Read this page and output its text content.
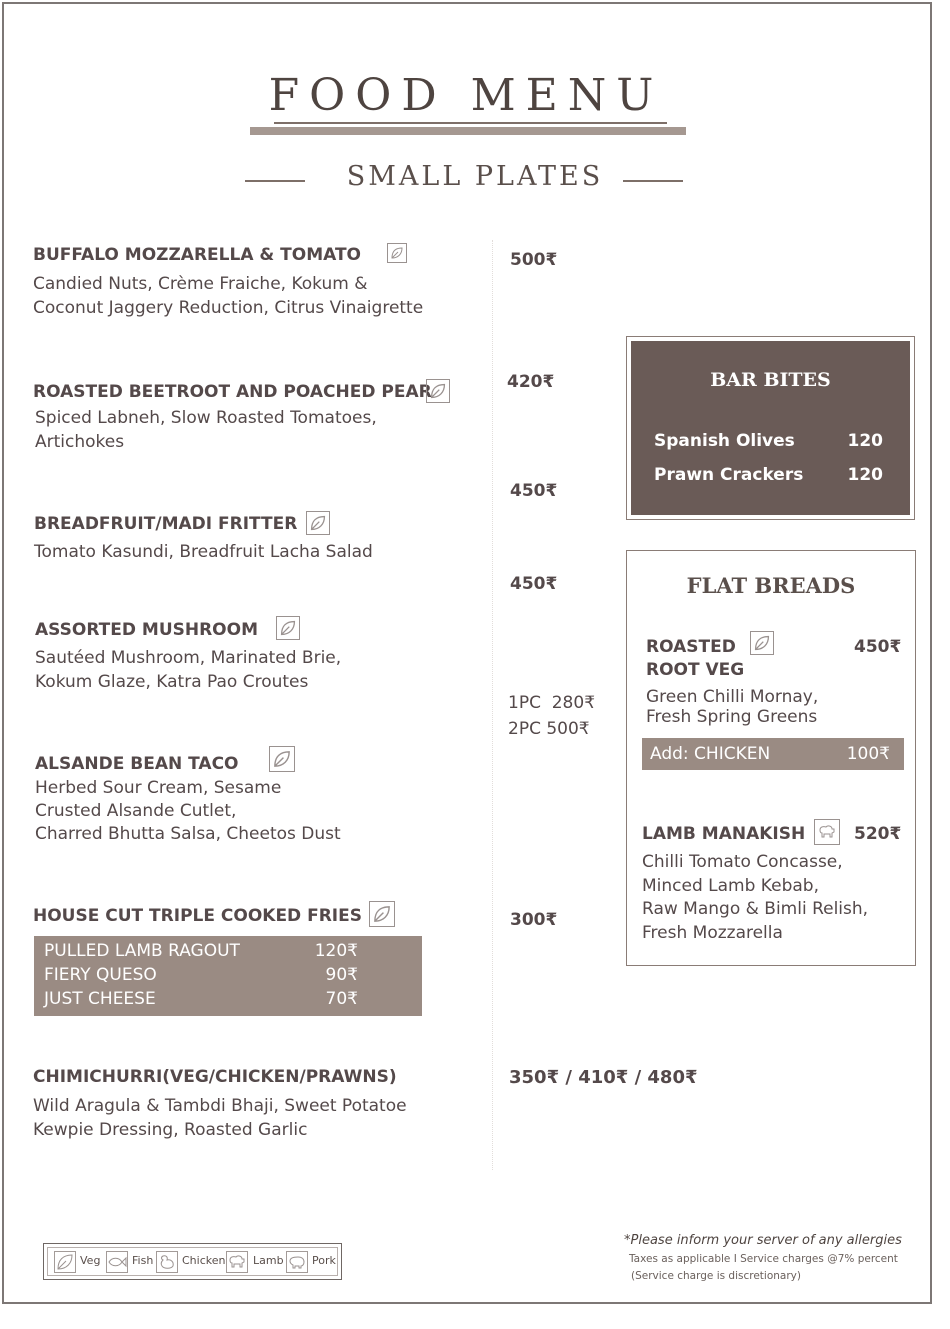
FOOD MENU
SMALL PLATES
BUFFALO MOZZARELLA & TOMATO
Candied Nuts, Crème Fraiche, Kokum &
Coconut Jaggery Reduction, Citrus Vinaigrette
500₹
ROASTED BEETROOT AND POACHED PEAR
Spiced Labneh, Slow Roasted Tomatoes,
Artichokes
420₹
BREADFRUIT/MADI FRITTER
Tomato Kasundi, Breadfruit Lacha Salad
450₹
ASSORTED MUSHROOM
Sautéed Mushroom, Marinated Brie,
Kokum Glaze, Katra Pao Croutes
450₹
ALSANDE BEAN TACO
Herbed Sour Cream, Sesame
Crusted Alsande Cutlet,
Charred Bhutta Salsa, Cheetos Dust
1PC  280₹
2PC 500₹
HOUSE CUT TRIPLE COOKED FRIES	300₹
PULLED LAMB RAGOUT	120₹
FIERY QUESO	90₹
JUST CHEESE	70₹
CHIMICHURRI(VEG/CHICKEN/PRAWNS)
Wild Aragula & Tambdi Bhaji, Sweet Potatoe
Kewpie Dressing, Roasted Garlic
350₹ / 410₹ / 480₹
BAR BITES
Spanish Olives	120
Prawn Crackers	120
FLAT BREADS
ROASTED
ROOT VEG
450₹
Green Chilli Mornay,
Fresh Spring Greens
Add: CHICKEN	100₹
LAMB MANAKISH	520₹
Chilli Tomato Concasse,
Minced Lamb Kebab,
Raw Mango & Bimli Relish,
Fresh Mozzarella
Veg	Fish	Chicken	Lamb	Pork
*Please inform your server of any allergies
Taxes as applicable I Service charges @7% percent
(Service charge is discretionary)
